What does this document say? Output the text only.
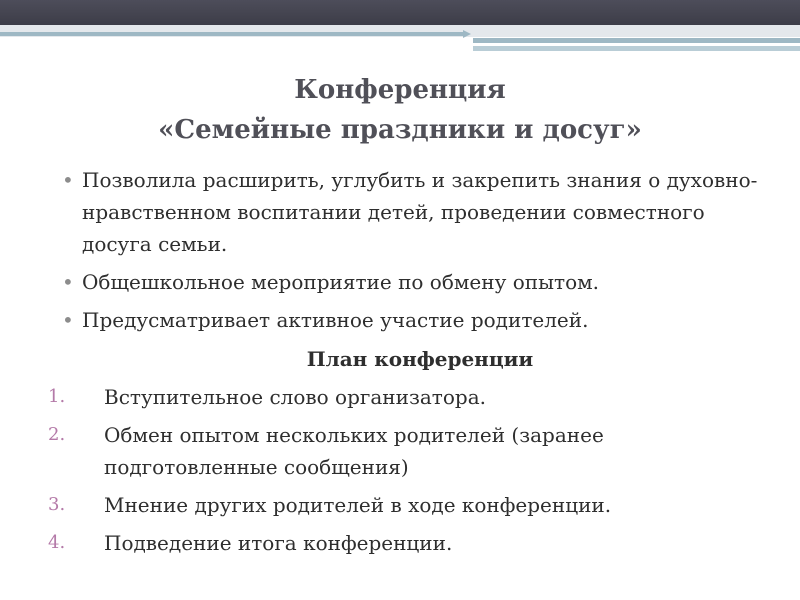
Конференция
«Семейные праздники и досуг»
• Позволила расширить, углубить и закрепить знания о духовно-нравственном воспитании детей, проведении совместного досуга семьи.
• Общешкольное мероприятие по обмену опытом.
• Предусматривает активное участие родителей.
План конференции
1. Вступительное слово организатора.
2. Обмен опытом нескольких родителей (заранее подготовленные сообщения)
3. Мнение других родителей в ходе конференции.
4. Подведение итога конференции.
